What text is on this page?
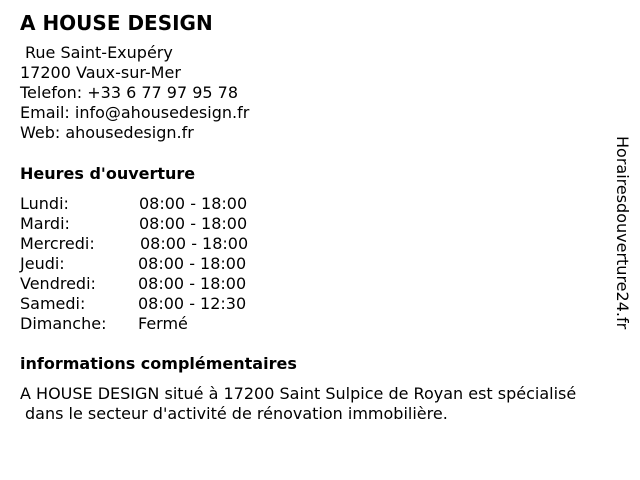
A HOUSE DESIGN
Rue Saint-Exupéry
17200 Vaux-sur-Mer
Telefon: +33 6 77 97 95 78
Email: info@ahousedesign.fr
Web: ahousedesign.fr
Heures d'ouverture
Lundi:	08:00 - 18:00
Mardi:	08:00 - 18:00
Mercredi:	08:00 - 18:00
Jeudi:	08:00 - 18:00
Vendredi:	08:00 - 18:00
Samedi:	08:00 - 12:30
Dimanche:	Fermé
informations complémentaires
A HOUSE DESIGN situé à 17200 Saint Sulpice de Royan est spécialisé
dans le secteur d'activité de rénovation immobilière.
Horairesdouverture24.fr
